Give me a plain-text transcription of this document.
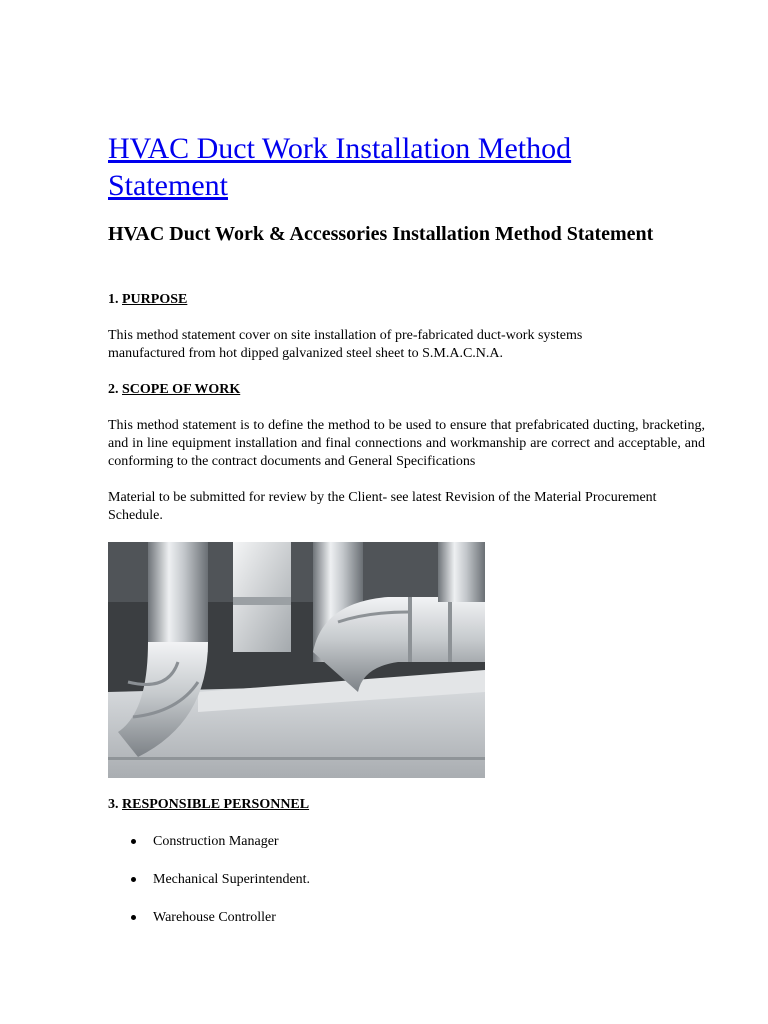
HVAC Duct Work Installation Method Statement
HVAC Duct Work & Accessories Installation Method Statement
1. PURPOSE

This method statement cover on site installation of pre-fabricated duct-work systems manufactured from hot dipped galvanized steel sheet to S.M.A.C.N.A.

2. SCOPE OF WORK

This method statement is to define the method to be used to ensure that prefabricated ducting, bracketing, and in line equipment installation and final connections and workmanship are correct and acceptable, and conforming to the contract documents and General Specifications

Material to be submitted for review by the Client- see latest Revision of the Material Procurement Schedule.

3. RESPONSIBLE PERSONNEL
Construction Manager
Mechanical Superintendent.
Warehouse Controller
